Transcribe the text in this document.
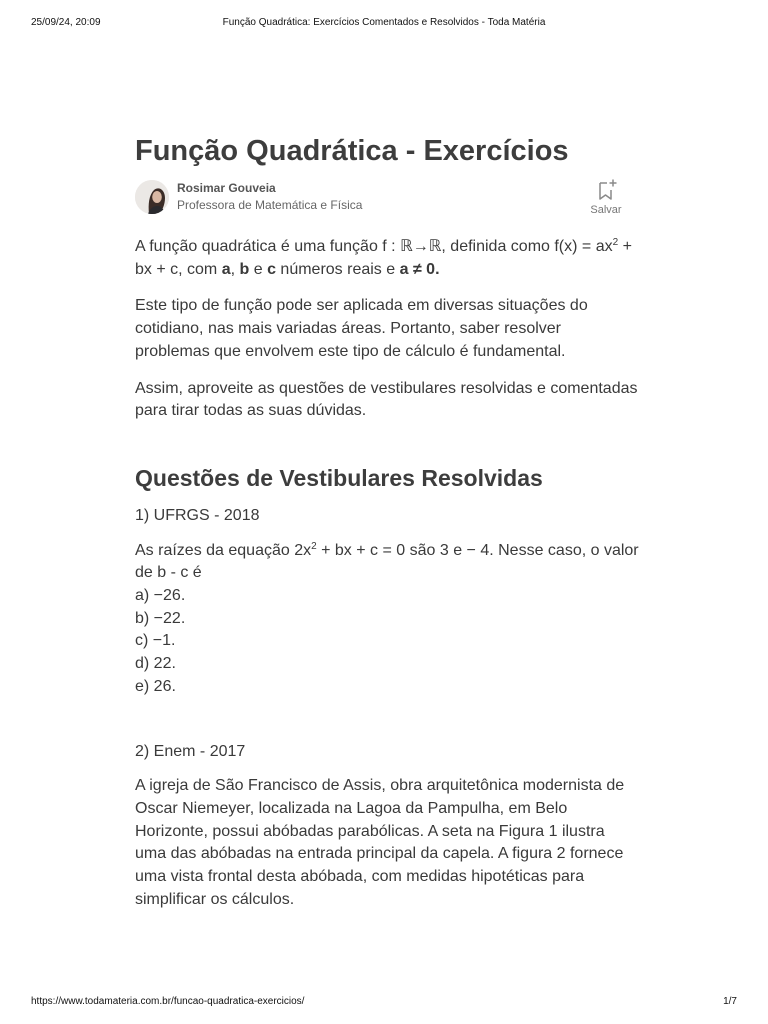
25/09/24, 20:09	Função Quadrática: Exercícios Comentados e Resolvidos - Toda Matéria
Função Quadrática - Exercícios
Rosimar Gouveia
Professora de Matemática e Física	Salvar

A função quadrática é uma função f : ℝ→ℝ, definida como $f(x) = ax^2$ + bx + c, com a, b e c números reais e a ≠ 0.

Este tipo de função pode ser aplicada em diversas situações do cotidiano, nas mais variadas áreas. Portanto, saber resolver problemas que envolvem este tipo de cálculo é fundamental.

Assim, aproveite as questões de vestibulares resolvidas e comentadas para tirar todas as suas dúvidas.

Questões de Vestibulares Resolvidas

1) UFRGS - 2018

As raízes da equação $2x^2$ + bx + c = 0 são 3 e − 4. Nesse caso, o valor de b - c é

a) −26.
b) −22.
c) −1.
d) 22.
e) 26.

2) Enem - 2017

A igreja de São Francisco de Assis, obra arquitetônica modernista de Oscar Niemeyer, localizada na Lagoa da Pampulha, em Belo Horizonte, possui abóbadas parabólicas. A seta na Figura 1 ilustra uma das abóbadas na entrada principal da capela. A figura 2 fornece uma vista frontal desta abóbada, com medidas hipotéticas para simplificar os cálculos.

https://www.todamateria.com.br/funcao-quadratica-exercicios/	1/7
